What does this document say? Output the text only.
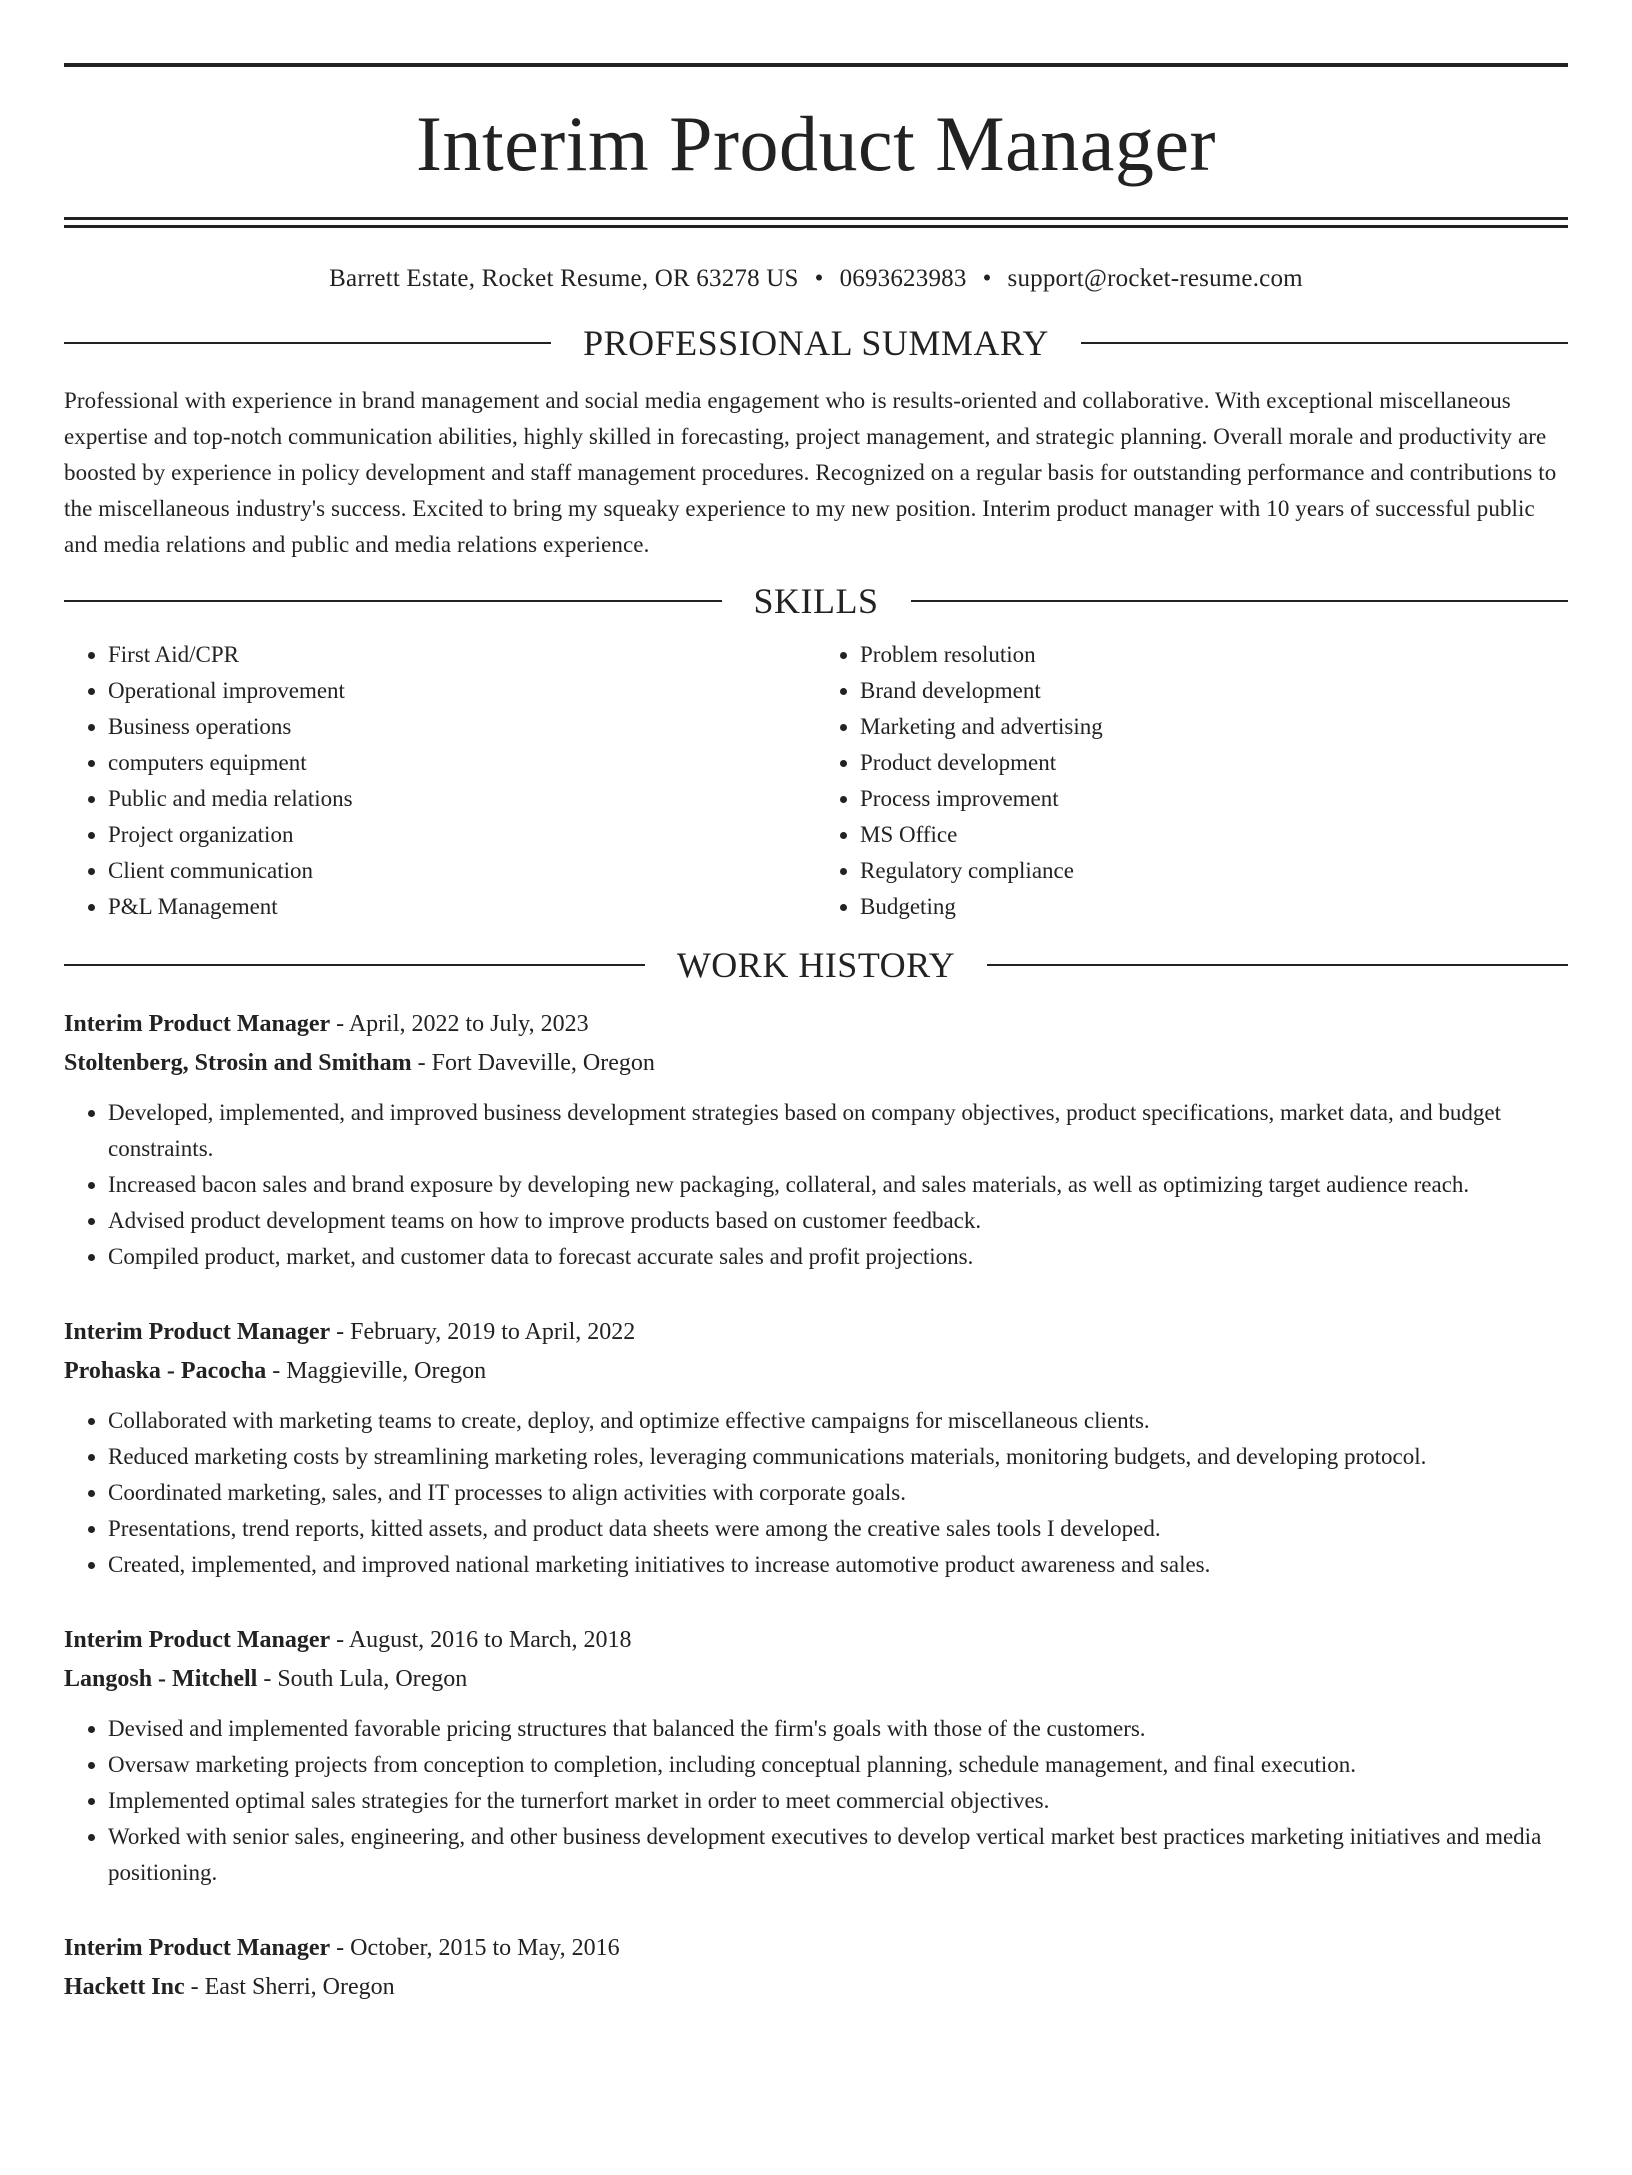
Interim Product Manager
Barrett Estate, Rocket Resume, OR 63278 US • 0693623983 • support@rocket-resume.com
PROFESSIONAL SUMMARY
Professional with experience in brand management and social media engagement who is results-oriented and collaborative. With exceptional miscellaneous expertise and top-notch communication abilities, highly skilled in forecasting, project management, and strategic planning. Overall morale and productivity are boosted by experience in policy development and staff management procedures. Recognized on a regular basis for outstanding performance and contributions to the miscellaneous industry's success. Excited to bring my squeaky experience to my new position. Interim product manager with 10 years of successful public and media relations and public and media relations experience.
SKILLS
• First Aid/CPR
• Operational improvement
• Business operations
• computers equipment
• Public and media relations
• Project organization
• Client communication
• P&L Management
• Problem resolution
• Brand development
• Marketing and advertising
• Product development
• Process improvement
• MS Office
• Regulatory compliance
• Budgeting
WORK HISTORY
Interim Product Manager - April, 2022 to July, 2023
Stoltenberg, Strosin and Smitham - Fort Daveville, Oregon
• Developed, implemented, and improved business development strategies based on company objectives, product specifications, market data, and budget constraints.
• Increased bacon sales and brand exposure by developing new packaging, collateral, and sales materials, as well as optimizing target audience reach.
• Advised product development teams on how to improve products based on customer feedback.
• Compiled product, market, and customer data to forecast accurate sales and profit projections.
Interim Product Manager - February, 2019 to April, 2022
Prohaska - Pacocha - Maggieville, Oregon
• Collaborated with marketing teams to create, deploy, and optimize effective campaigns for miscellaneous clients.
• Reduced marketing costs by streamlining marketing roles, leveraging communications materials, monitoring budgets, and developing protocol.
• Coordinated marketing, sales, and IT processes to align activities with corporate goals.
• Presentations, trend reports, kitted assets, and product data sheets were among the creative sales tools I developed.
• Created, implemented, and improved national marketing initiatives to increase automotive product awareness and sales.
Interim Product Manager - August, 2016 to March, 2018
Langosh - Mitchell - South Lula, Oregon
• Devised and implemented favorable pricing structures that balanced the firm's goals with those of the customers.
• Oversaw marketing projects from conception to completion, including conceptual planning, schedule management, and final execution.
• Implemented optimal sales strategies for the turnerfort market in order to meet commercial objectives.
• Worked with senior sales, engineering, and other business development executives to develop vertical market best practices marketing initiatives and media positioning.
Interim Product Manager - October, 2015 to May, 2016
Hackett Inc - East Sherri, Oregon
